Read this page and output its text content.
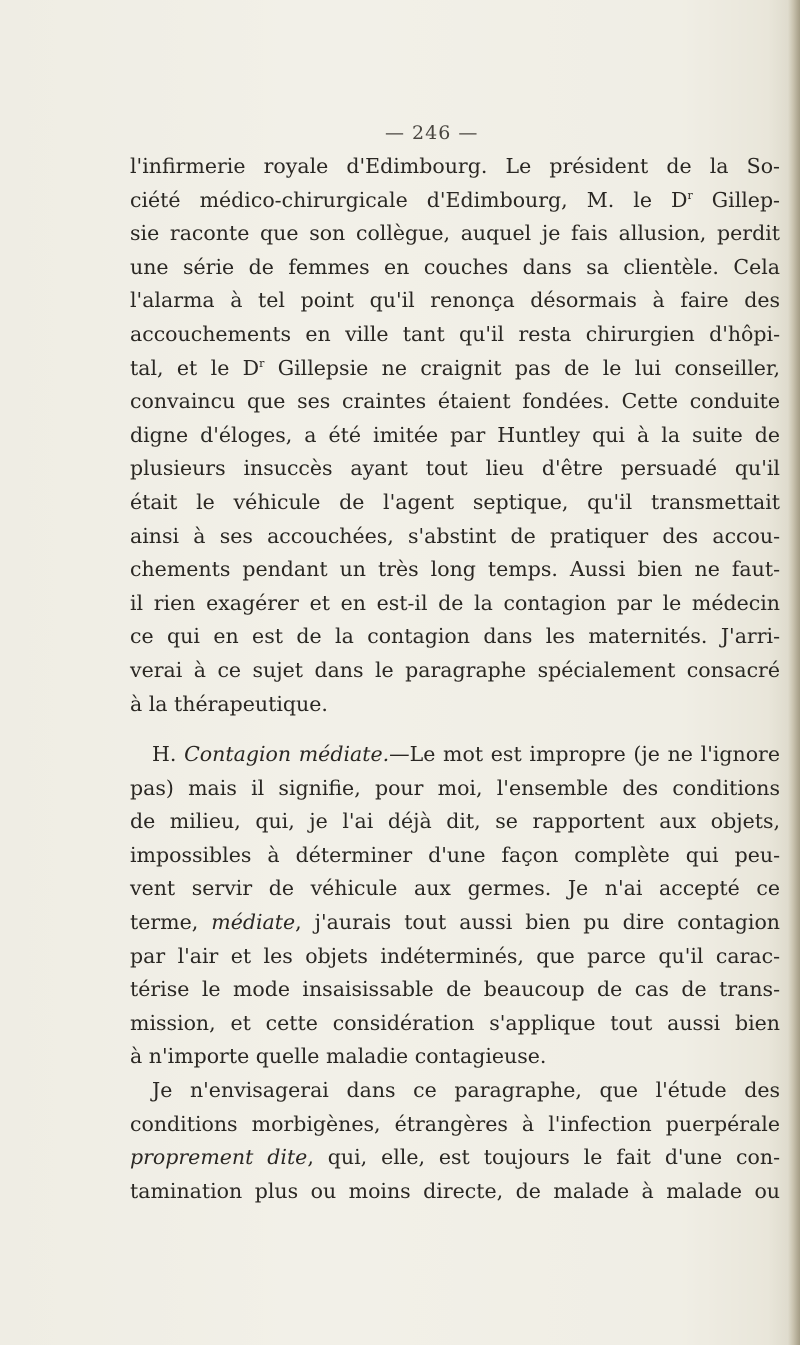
— 246 —
l'infirmerie royale d'Edimbourg. Le président de la So-
ciété médico-chirurgicale d'Edimbourg, M. le $D^r$ Gillep-
sie raconte que son collègue, auquel je fais allusion, perdit
une série de femmes en couches dans sa clientèle. Cela
l'alarma à tel point qu'il renonça désormais à faire des
accouchements en ville tant qu'il resta chirurgien d'hôpi-
tal, et le $D^r$ Gillepsie ne craignit pas de le lui conseiller,
convaincu que ses craintes étaient fondées. Cette conduite
digne d'éloges, a été imitée par Huntley qui à la suite de
plusieurs insuccès ayant tout lieu d'être persuadé qu'il
était le véhicule de l'agent septique, qu'il transmettait
ainsi à ses accouchées, s'abstint de pratiquer des accou-
chements pendant un très long temps. Aussi bien ne faut-
il rien exagérer et en est-il de la contagion par le médecin
ce qui en est de la contagion dans les maternités. J'arri-
verai à ce sujet dans le paragraphe spécialement consacré
à la thérapeutique.
H. Contagion médiate.—Le mot est impropre (je ne l'ignore
pas) mais il signifie, pour moi, l'ensemble des conditions
de milieu, qui, je l'ai déjà dit, se rapportent aux objets,
impossibles à déterminer d'une façon complète qui peu-
vent servir de véhicule aux germes. Je n'ai accepté ce
terme, médiate, j'aurais tout aussi bien pu dire contagion
par l'air et les objets indéterminés, que parce qu'il carac-
térise le mode insaisissable de beaucoup de cas de trans-
mission, et cette considération s'applique tout aussi bien
à n'importe quelle maladie contagieuse.
Je n'envisagerai dans ce paragraphe, que l'étude des
conditions morbigènes, étrangères à l'infection puerpérale
proprement dite, qui, elle, est toujours le fait d'une con-
tamination plus ou moins directe, de malade à malade ou
